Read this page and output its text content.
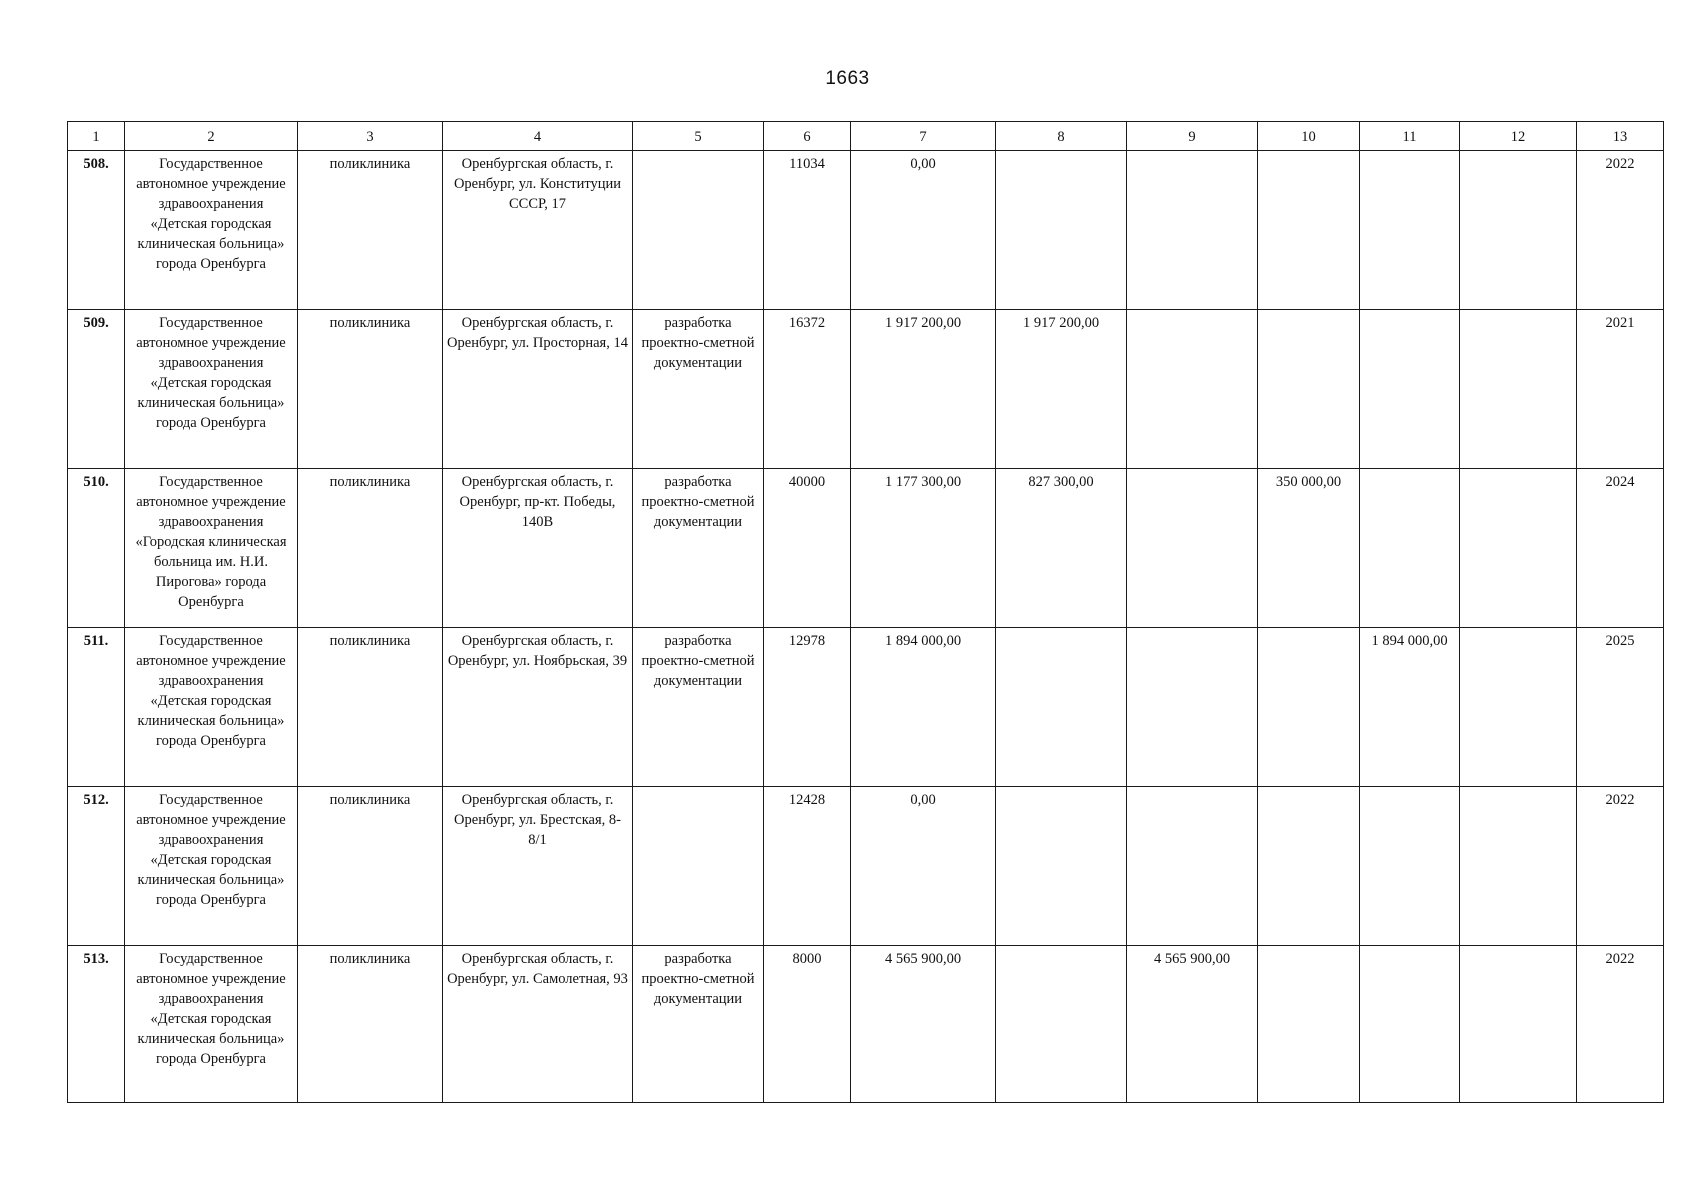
1663
1	2	3	4	5	6	7	8	9	10	11	12	13
508.	Государственное автономное учреждение здравоохранения «Детская городская клиническая больница» города Оренбурга	поликлиника	Оренбургская область, г. Оренбург, ул. Конституции СССР, 17		11034	0,00						2022
509.	Государственное автономное учреждение здравоохранения «Детская городская клиническая больница» города Оренбурга	поликлиника	Оренбургская область, г. Оренбург, ул. Просторная, 14	разработка проектно-сметной документации	16372	1 917 200,00	1 917 200,00					2021
510.	Государственное автономное учреждение здравоохранения «Городская клиническая больница им. Н.И. Пирогова» города Оренбурга	поликлиника	Оренбургская область, г. Оренбург, пр-кт. Победы, 140В	разработка проектно-сметной документации	40000	1 177 300,00	827 300,00		350 000,00			2024
511.	Государственное автономное учреждение здравоохранения «Детская городская клиническая больница» города Оренбурга	поликлиника	Оренбургская область, г. Оренбург, ул. Ноябрьская, 39	разработка проектно-сметной документации	12978	1 894 000,00				1 894 000,00		2025
512.	Государственное автономное учреждение здравоохранения «Детская городская клиническая больница» города Оренбурга	поликлиника	Оренбургская область, г. Оренбург, ул. Брестская, 8-8/1		12428	0,00						2022
513.	Государственное автономное учреждение здравоохранения «Детская городская клиническая больница» города Оренбурга	поликлиника	Оренбургская область, г. Оренбург, ул. Самолетная, 93	разработка проектно-сметной документации	8000	4 565 900,00		4 565 900,00				2022
